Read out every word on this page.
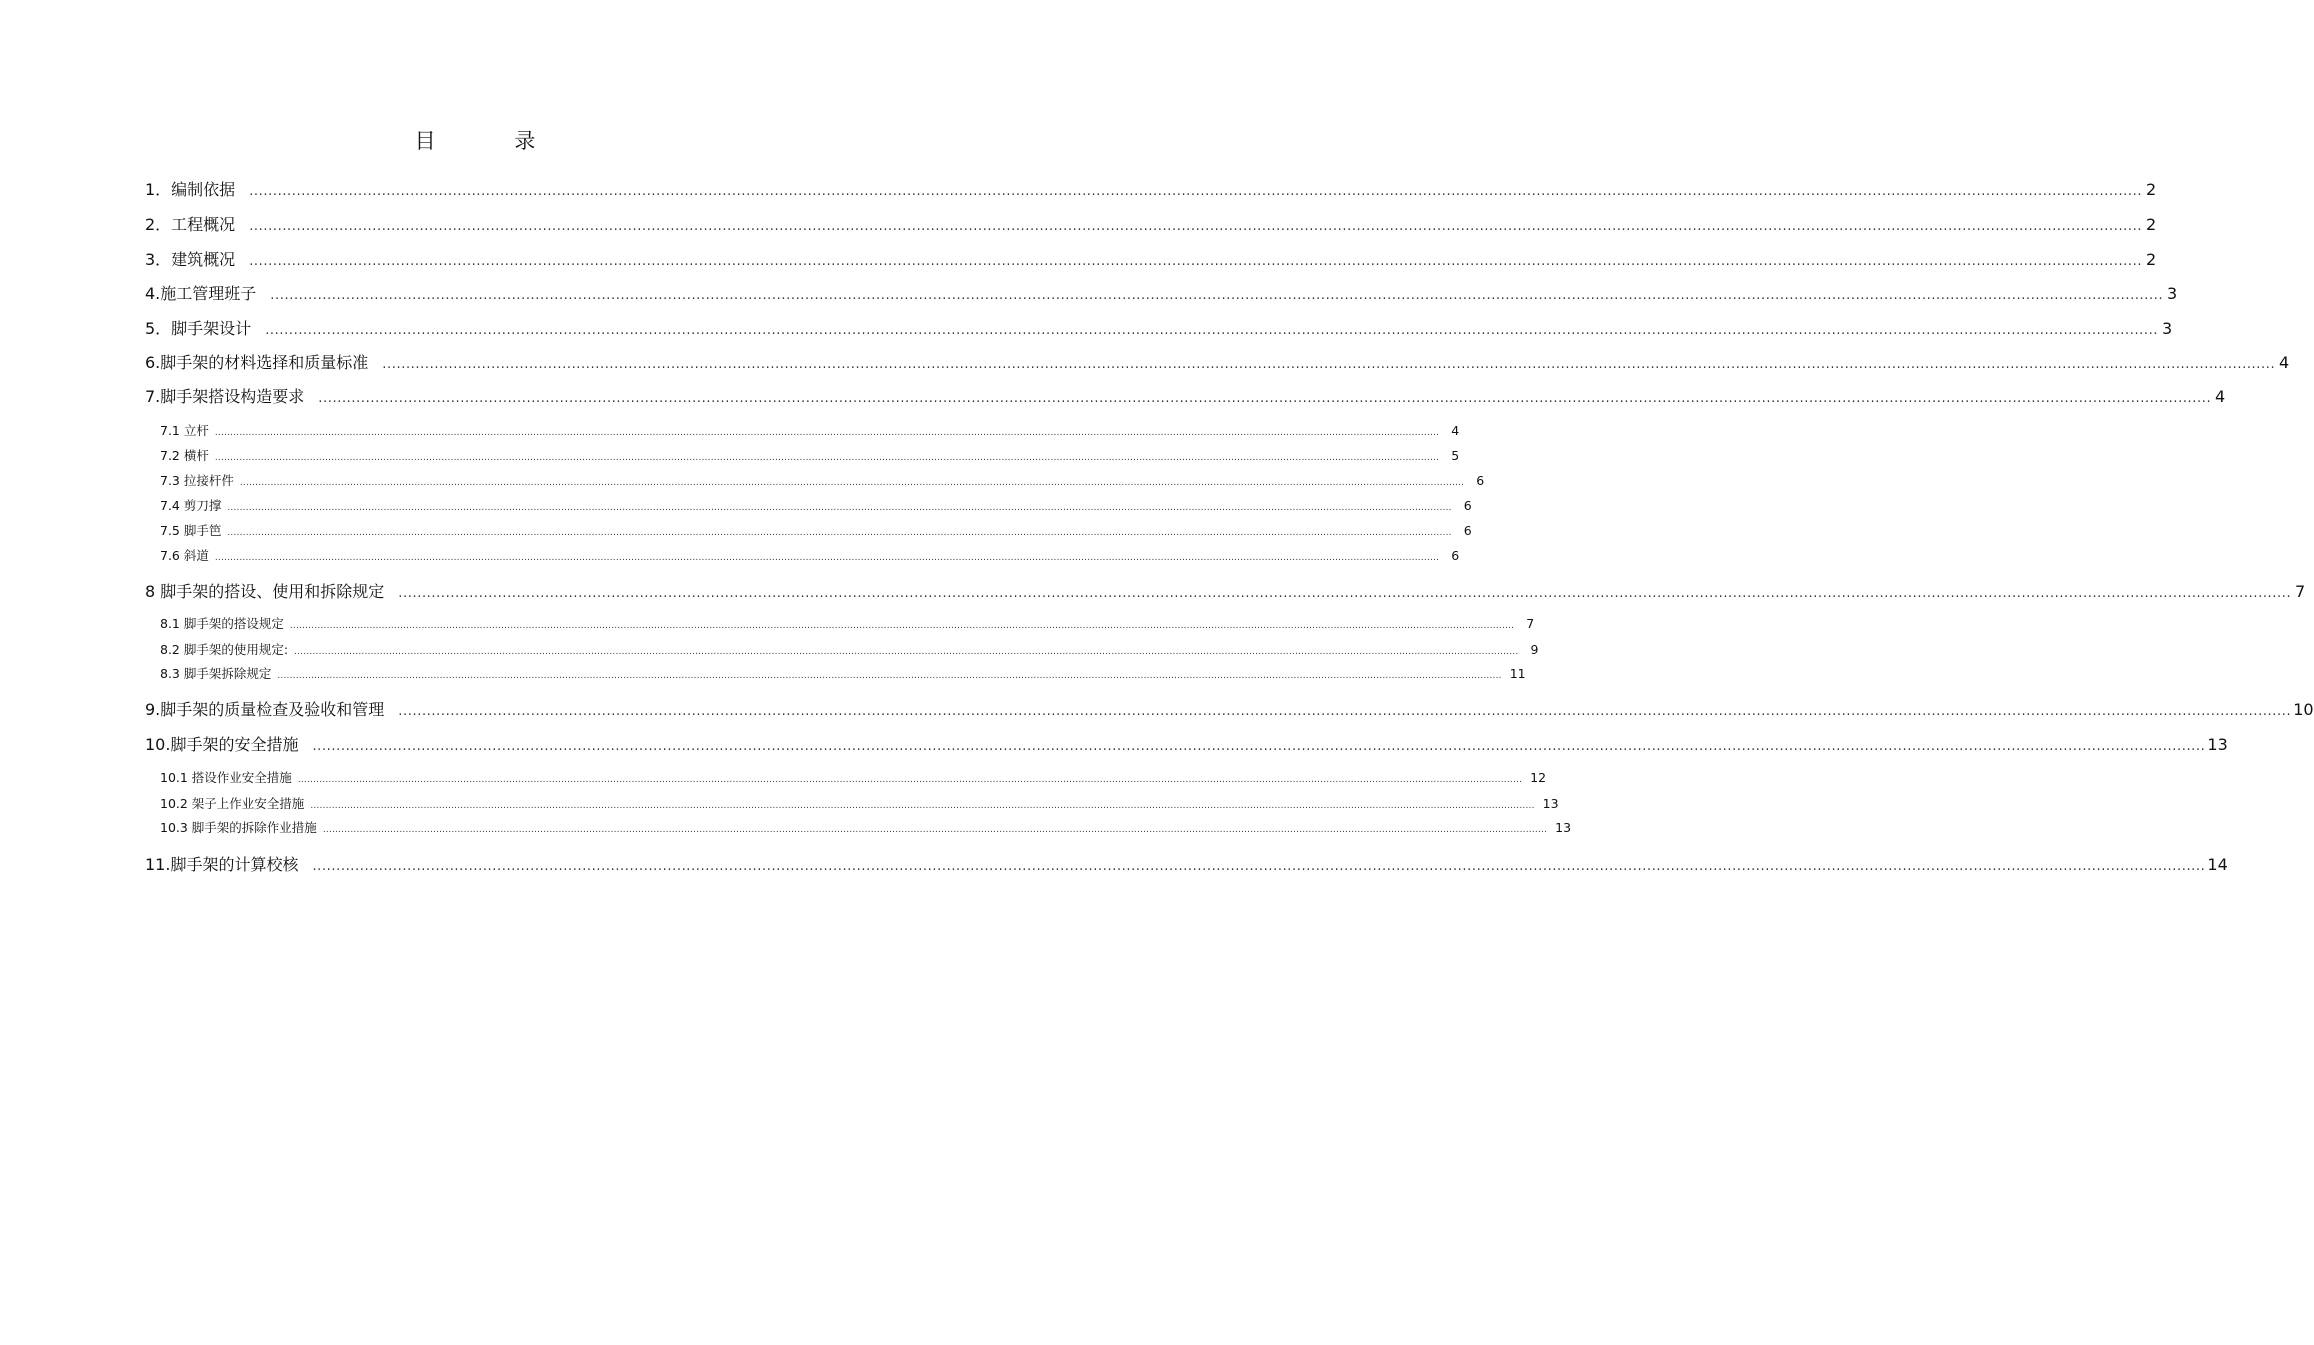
目 录
1．编制依据 ................................................................................................................................................................................................................................................................................................................................................................................................................ 2
2．工程概况 ................................................................................................................................................................................................................................................................................................................................................................................................................ 2
3．建筑概况 ................................................................................................................................................................................................................................................................................................................................................................................................................ 2
4.施工管理班子 ................................................................................................................................................................................................................................................................................................................................................................................................................ 3
5．脚手架设计 ................................................................................................................................................................................................................................................................................................................................................................................................................ 3
6.脚手架的材料选择和质量标准 ................................................................................................................................................................................................................................................................................................................................................................................................................ 4
7.脚手架搭设构造要求 ................................................................................................................................................................................................................................................................................................................................................................................................................ 4
7.1 立杆 ................................................................................................................................................................................................................................................................................................................................................................................................................ 4
7.2 横杆 ................................................................................................................................................................................................................................................................................................................................................................................................................ 5
7.3 拉接杆件 ................................................................................................................................................................................................................................................................................................................................................................................................................ 6
7.4 剪刀撑 ................................................................................................................................................................................................................................................................................................................................................................................................................ 6
7.5 脚手笆 ................................................................................................................................................................................................................................................................................................................................................................................................................ 6
7.6 斜道 ................................................................................................................................................................................................................................................................................................................................................................................................................ 6
8 脚手架的搭设、使用和拆除规定 ................................................................................................................................................................................................................................................................................................................................................................................................................ 7
8.1 脚手架的搭设规定 ................................................................................................................................................................................................................................................................................................................................................................................................................ 7
8.2 脚手架的使用规定: ................................................................................................................................................................................................................................................................................................................................................................................................................ 9
8.3 脚手架拆除规定 ................................................................................................................................................................................................................................................................................................................................................................................................................ 11
9.脚手架的质量检查及验收和管理 ................................................................................................................................................................................................................................................................................................................................................................................................................ 10
10.脚手架的安全措施 ................................................................................................................................................................................................................................................................................................................................................................................................................ 13
10.1 搭设作业安全措施 ................................................................................................................................................................................................................................................................................................................................................................................................................ 12
10.2 架子上作业安全措施 ................................................................................................................................................................................................................................................................................................................................................................................................................ 13
10.3 脚手架的拆除作业措施 ................................................................................................................................................................................................................................................................................................................................................................................................................ 13
11.脚手架的计算校核 ................................................................................................................................................................................................................................................................................................................................................................................................................ 14
